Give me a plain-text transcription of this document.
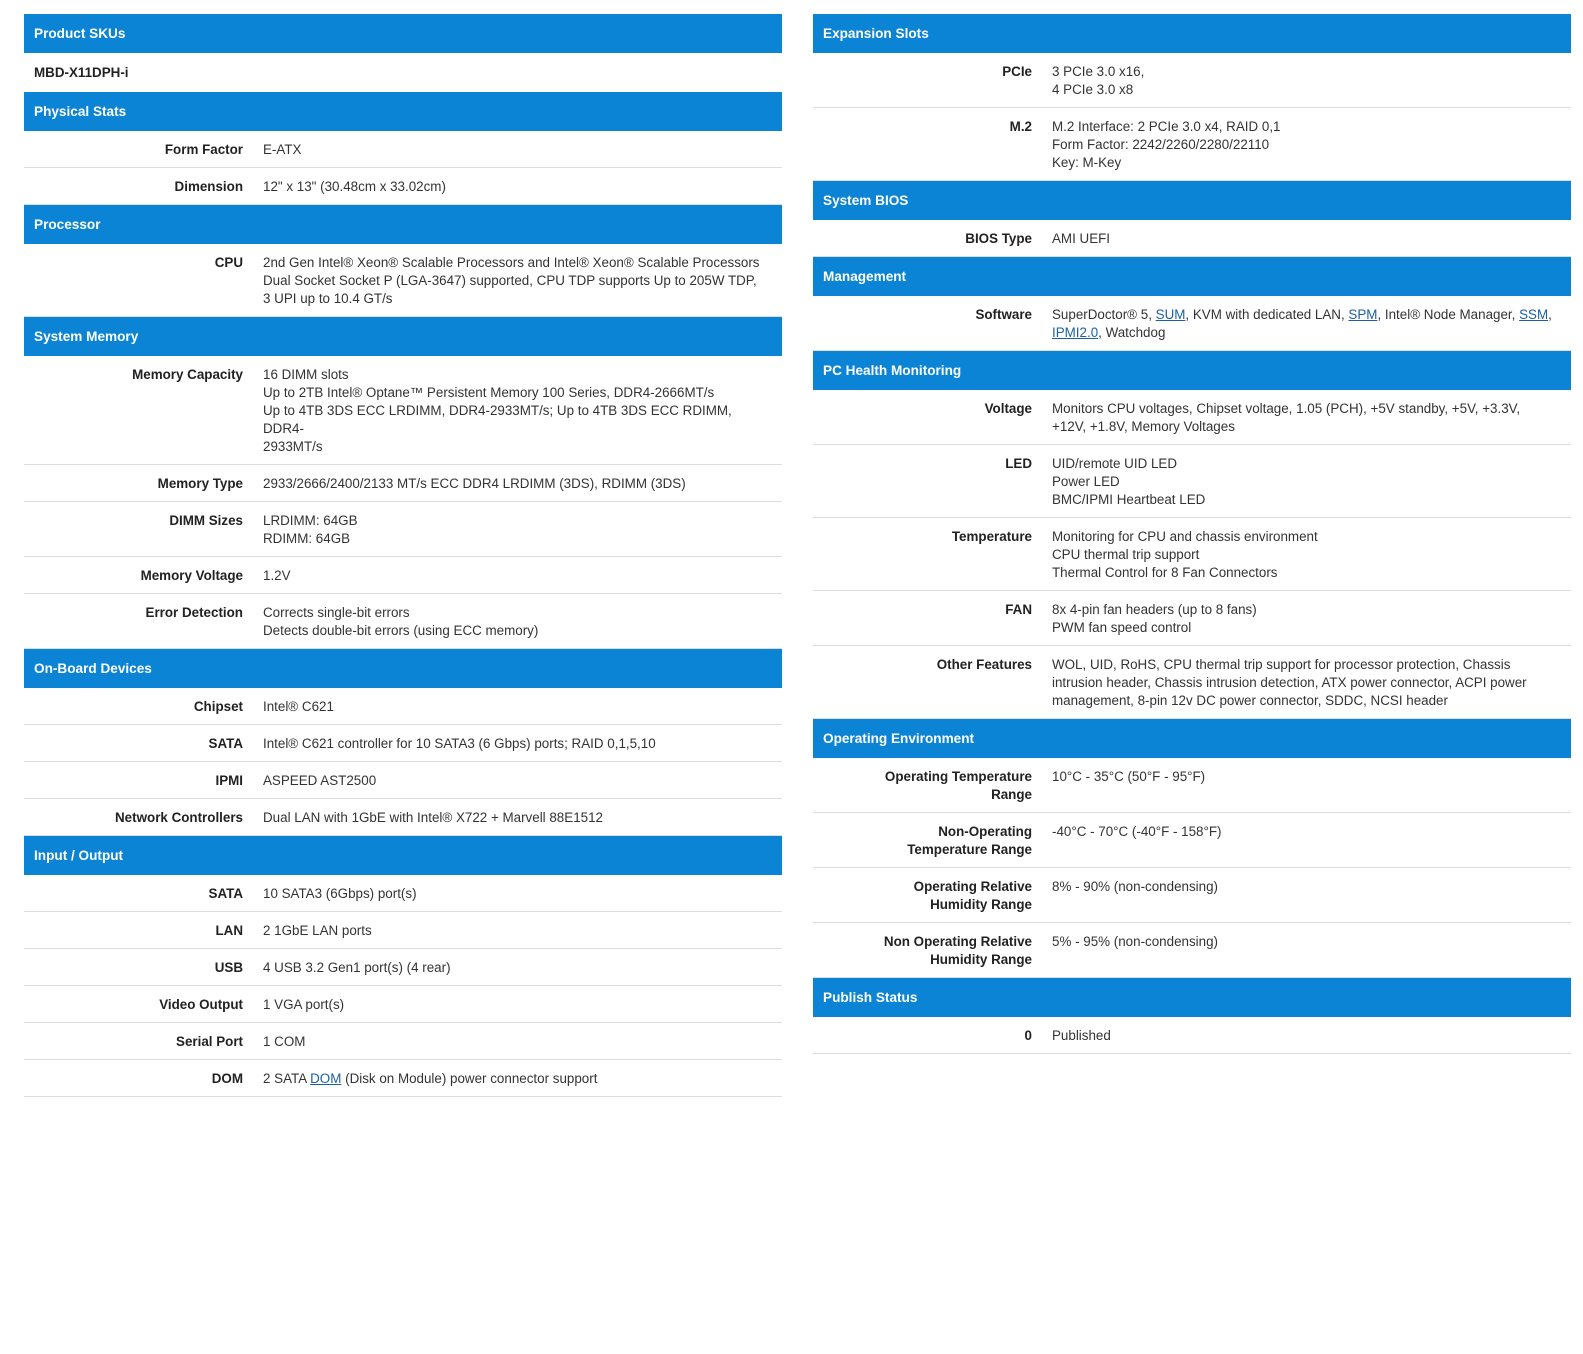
Product SKUs
MBD-X11DPH-i
Physical Stats
Form Factor E-ATX
Dimension 12" x 13" (30.48cm x 33.02cm)
Processor
CPU 2nd Gen Intel® Xeon® Scalable Processors and Intel® Xeon® Scalable Processors
Dual Socket Socket P (LGA-3647) supported, CPU TDP supports Up to 205W TDP,
3 UPI up to 10.4 GT/s
System Memory
Memory Capacity 16 DIMM slots
Up to 2TB Intel® Optane™ Persistent Memory 100 Series, DDR4-2666MT/s
Up to 4TB 3DS ECC LRDIMM, DDR4-2933MT/s; Up to 4TB 3DS ECC RDIMM, DDR4-
2933MT/s
Memory Type 2933/2666/2400/2133 MT/s ECC DDR4 LRDIMM (3DS), RDIMM (3DS)
DIMM Sizes LRDIMM: 64GB
RDIMM: 64GB
Memory Voltage 1.2V
Error Detection Corrects single-bit errors
Detects double-bit errors (using ECC memory)
On-Board Devices
Chipset Intel® C621
SATA Intel® C621 controller for 10 SATA3 (6 Gbps) ports; RAID 0,1,5,10
IPMI ASPEED AST2500
Network Controllers Dual LAN with 1GbE with Intel® X722 + Marvell 88E1512
Input / Output
SATA 10 SATA3 (6Gbps) port(s)
LAN 2 1GbE LAN ports
USB 4 USB 3.2 Gen1 port(s) (4 rear)
Video Output 1 VGA port(s)
Serial Port 1 COM
DOM 2 SATA DOM (Disk on Module) power connector support
Expansion Slots
PCIe 3 PCIe 3.0 x16,
4 PCIe 3.0 x8
M.2 M.2 Interface: 2 PCIe 3.0 x4, RAID 0,1
Form Factor: 2242/2260/2280/22110
Key: M-Key
System BIOS
BIOS Type AMI UEFI
Management
Software SuperDoctor® 5, SUM, KVM with dedicated LAN, SPM, Intel® Node Manager, SSM,
IPMI2.0, Watchdog
PC Health Monitoring
Voltage Monitors CPU voltages, Chipset voltage, 1.05 (PCH), +5V standby, +5V, +3.3V,
+12V, +1.8V, Memory Voltages
LED UID/remote UID LED
Power LED
BMC/IPMI Heartbeat LED
Temperature Monitoring for CPU and chassis environment
CPU thermal trip support
Thermal Control for 8 Fan Connectors
FAN 8x 4-pin fan headers (up to 8 fans)
PWM fan speed control
Other Features WOL, UID, RoHS, CPU thermal trip support for processor protection, Chassis
intrusion header, Chassis intrusion detection, ATX power connector, ACPI power
management, 8-pin 12v DC power connector, SDDC, NCSI header
Operating Environment
Operating Temperature Range
10°C - 35°C (50°F - 95°F)
Non-Operating Temperature Range
-40°C - 70°C (-40°F - 158°F)
Operating Relative Humidity Range
8% - 90% (non-condensing)
Non Operating Relative Humidity Range
5% - 95% (non-condensing)
Publish Status
0 Published
